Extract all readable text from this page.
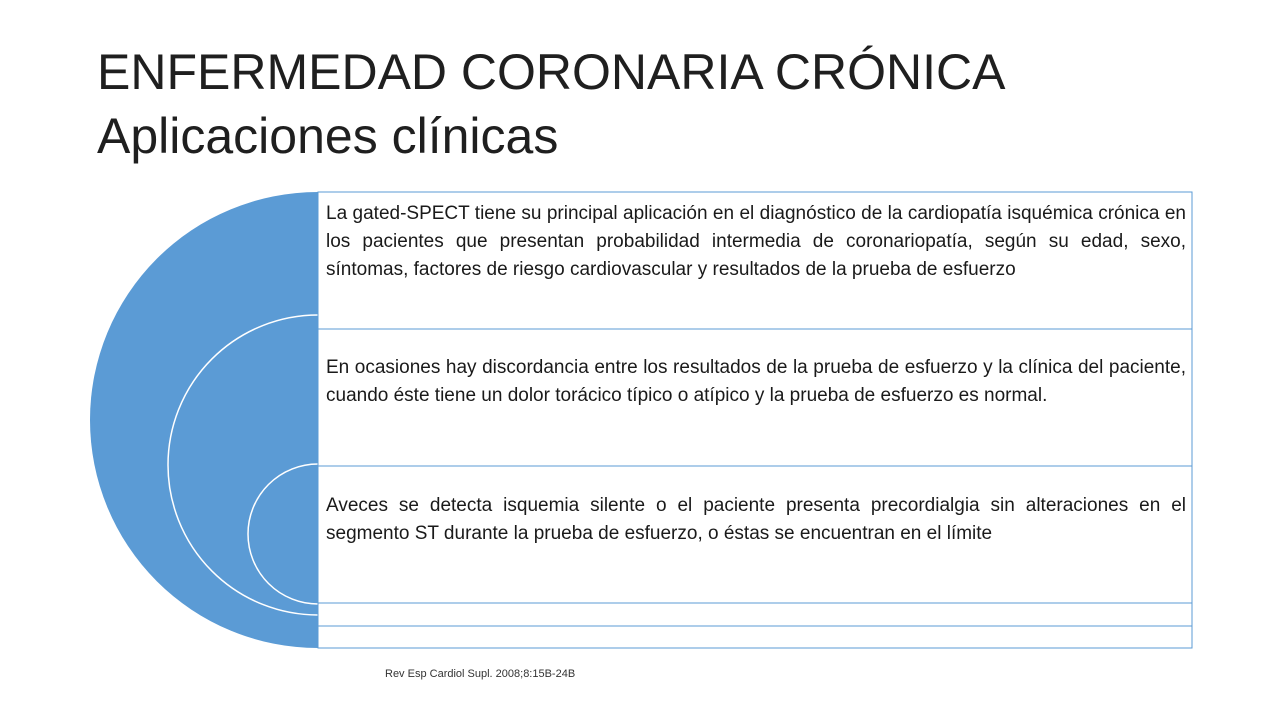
ENFERMEDAD CORONARIA CRÓNICA
Aplicaciones clínicas
La gated-SPECT tiene su principal aplicación en el diagnóstico de la cardiopatía isquémica crónica en los pacientes que presentan probabilidad intermedia de coronariopatía, según su edad, sexo, síntomas, factores de riesgo cardiovascular y resultados de la prueba de esfuerzo
En ocasiones hay discordancia entre los resultados de la prueba de esfuerzo y la clínica del paciente, cuando éste tiene un dolor torácico típico o atípico y la prueba de esfuerzo es normal.
Aveces se detecta isquemia silente o el paciente presenta precordialgia sin alteraciones en el segmento ST durante la prueba de esfuerzo, o éstas se encuentran en el límite
Rev Esp Cardiol Supl. 2008;8:15B-24B
